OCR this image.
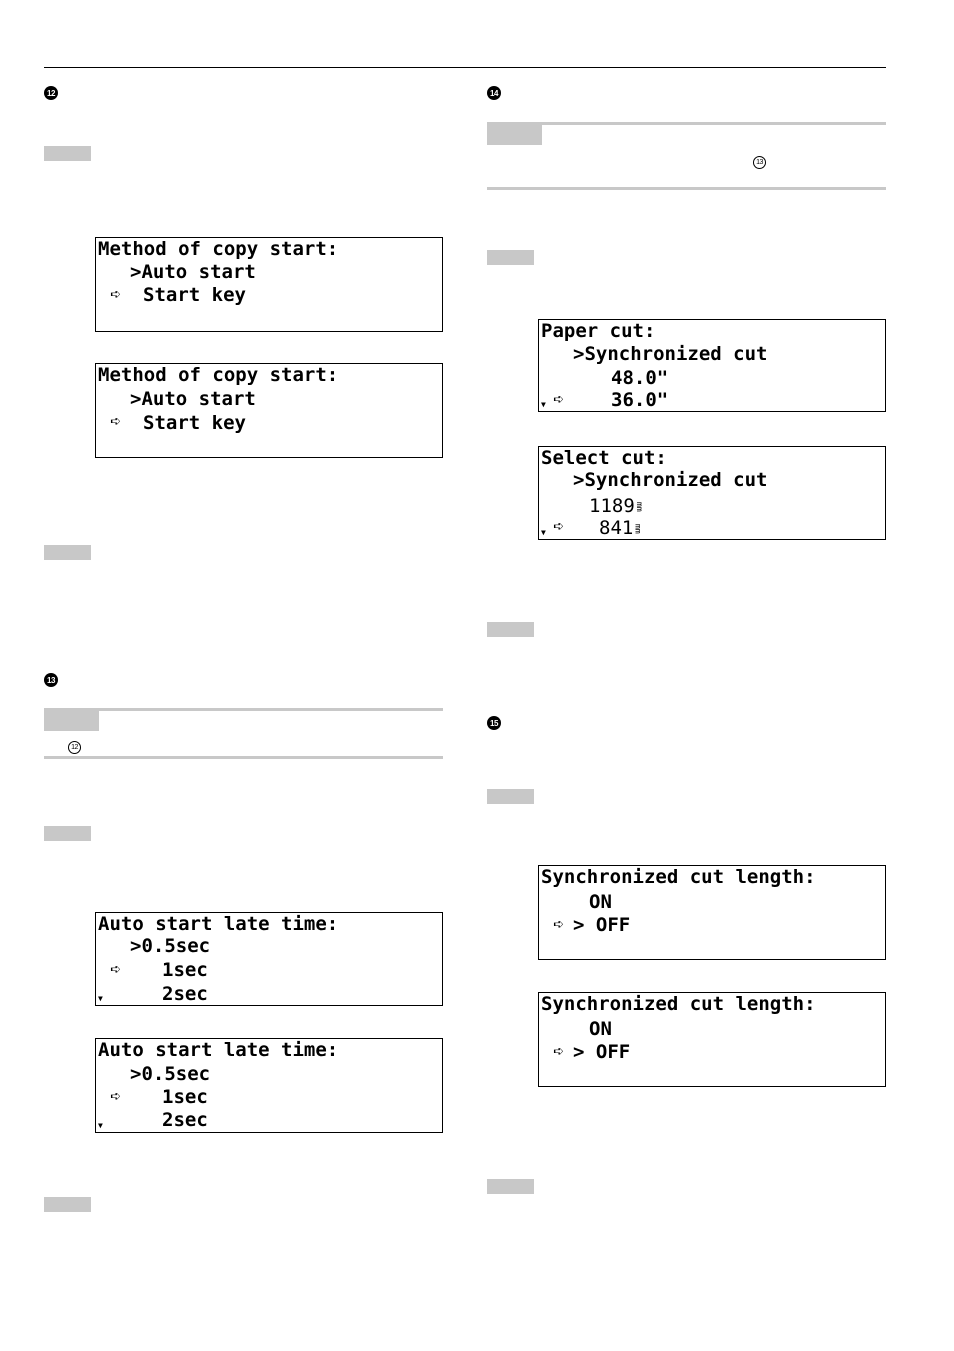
12
Method of copy start:
>Auto start
➪ Start key
Method of copy start:
>Auto start
➪ Start key
13
12
Auto start late time:
>0.5sec
➪ 1sec
▼	2sec
Auto start late time:
>0.5sec
➪ 1sec
▼	2sec
14
13
Paper cut:
>Synchronized cut
48.0"
▼ ➪ 36.0"
Select cut:
>Synchronized cut
1189mm
▼ ➪ 841mm
15
Synchronized cut length:
ON
➪ > OFF
Synchronized cut length:
ON
➪ > OFF
